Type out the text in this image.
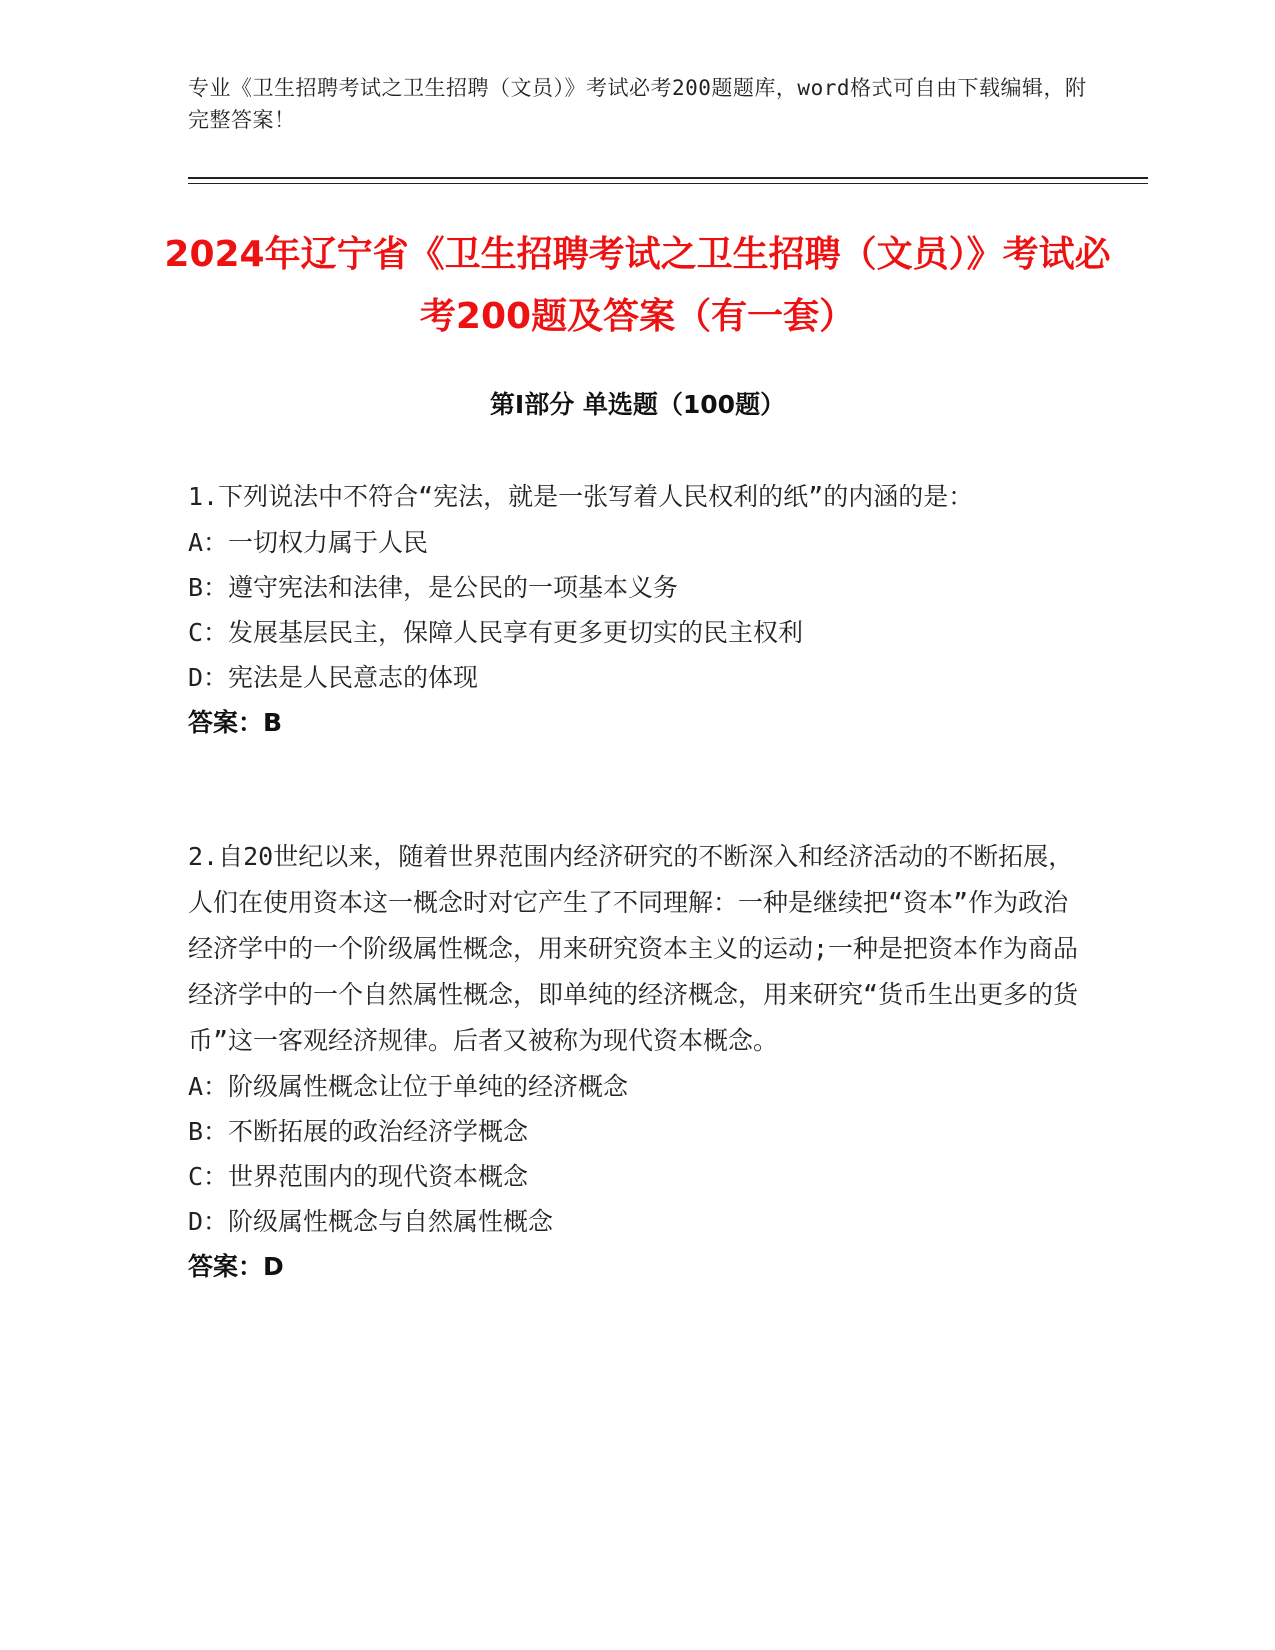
专业《卫生招聘考试之卫生招聘（文员）》考试必考200题题库，word格式可自由下载编辑，附完整答案！
2024年辽宁省《卫生招聘考试之卫生招聘（文员）》考试必考200题及答案（有一套）
第Ⅰ部分 单选题（100题）

1.下列说法中不符合“宪法，就是一张写着人民权利的纸”的内涵的是：

A：一切权力属于人民

B：遵守宪法和法律，是公民的一项基本义务

C：发展基层民主，保障人民享有更多更切实的民主权利

D：宪法是人民意志的体现

答案：B

2.自20世纪以来，随着世界范围内经济研究的不断深入和经济活动的不断拓展，人们在使用资本这一概念时对它产生了不同理解：一种是继续把“资本”作为政治经济学中的一个阶级属性概念，用来研究资本主义的运动;一种是把资本作为商品经济学中的一个自然属性概念，即单纯的经济概念，用来研究“货币生出更多的货币”这一客观经济规律。后者又被称为现代资本概念。

A：阶级属性概念让位于单纯的经济概念

B：不断拓展的政治经济学概念

C：世界范围内的现代资本概念

D：阶级属性概念与自然属性概念

答案：D
